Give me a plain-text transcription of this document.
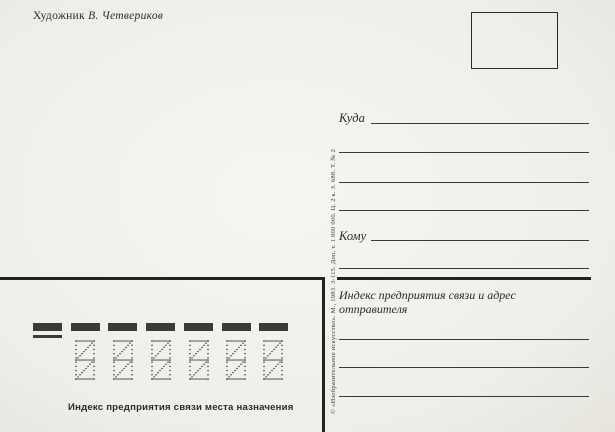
Художник В. Четвериков
© «Изобразительное искусство». М., 1983. 3-115. Доп. т. 1 800 000. Ц. 2 к. З. 688. Т. № 2
Куда
Кому
Индекс предприятия связи и адрес отправителя
Индекс предприятия связи места назначения
